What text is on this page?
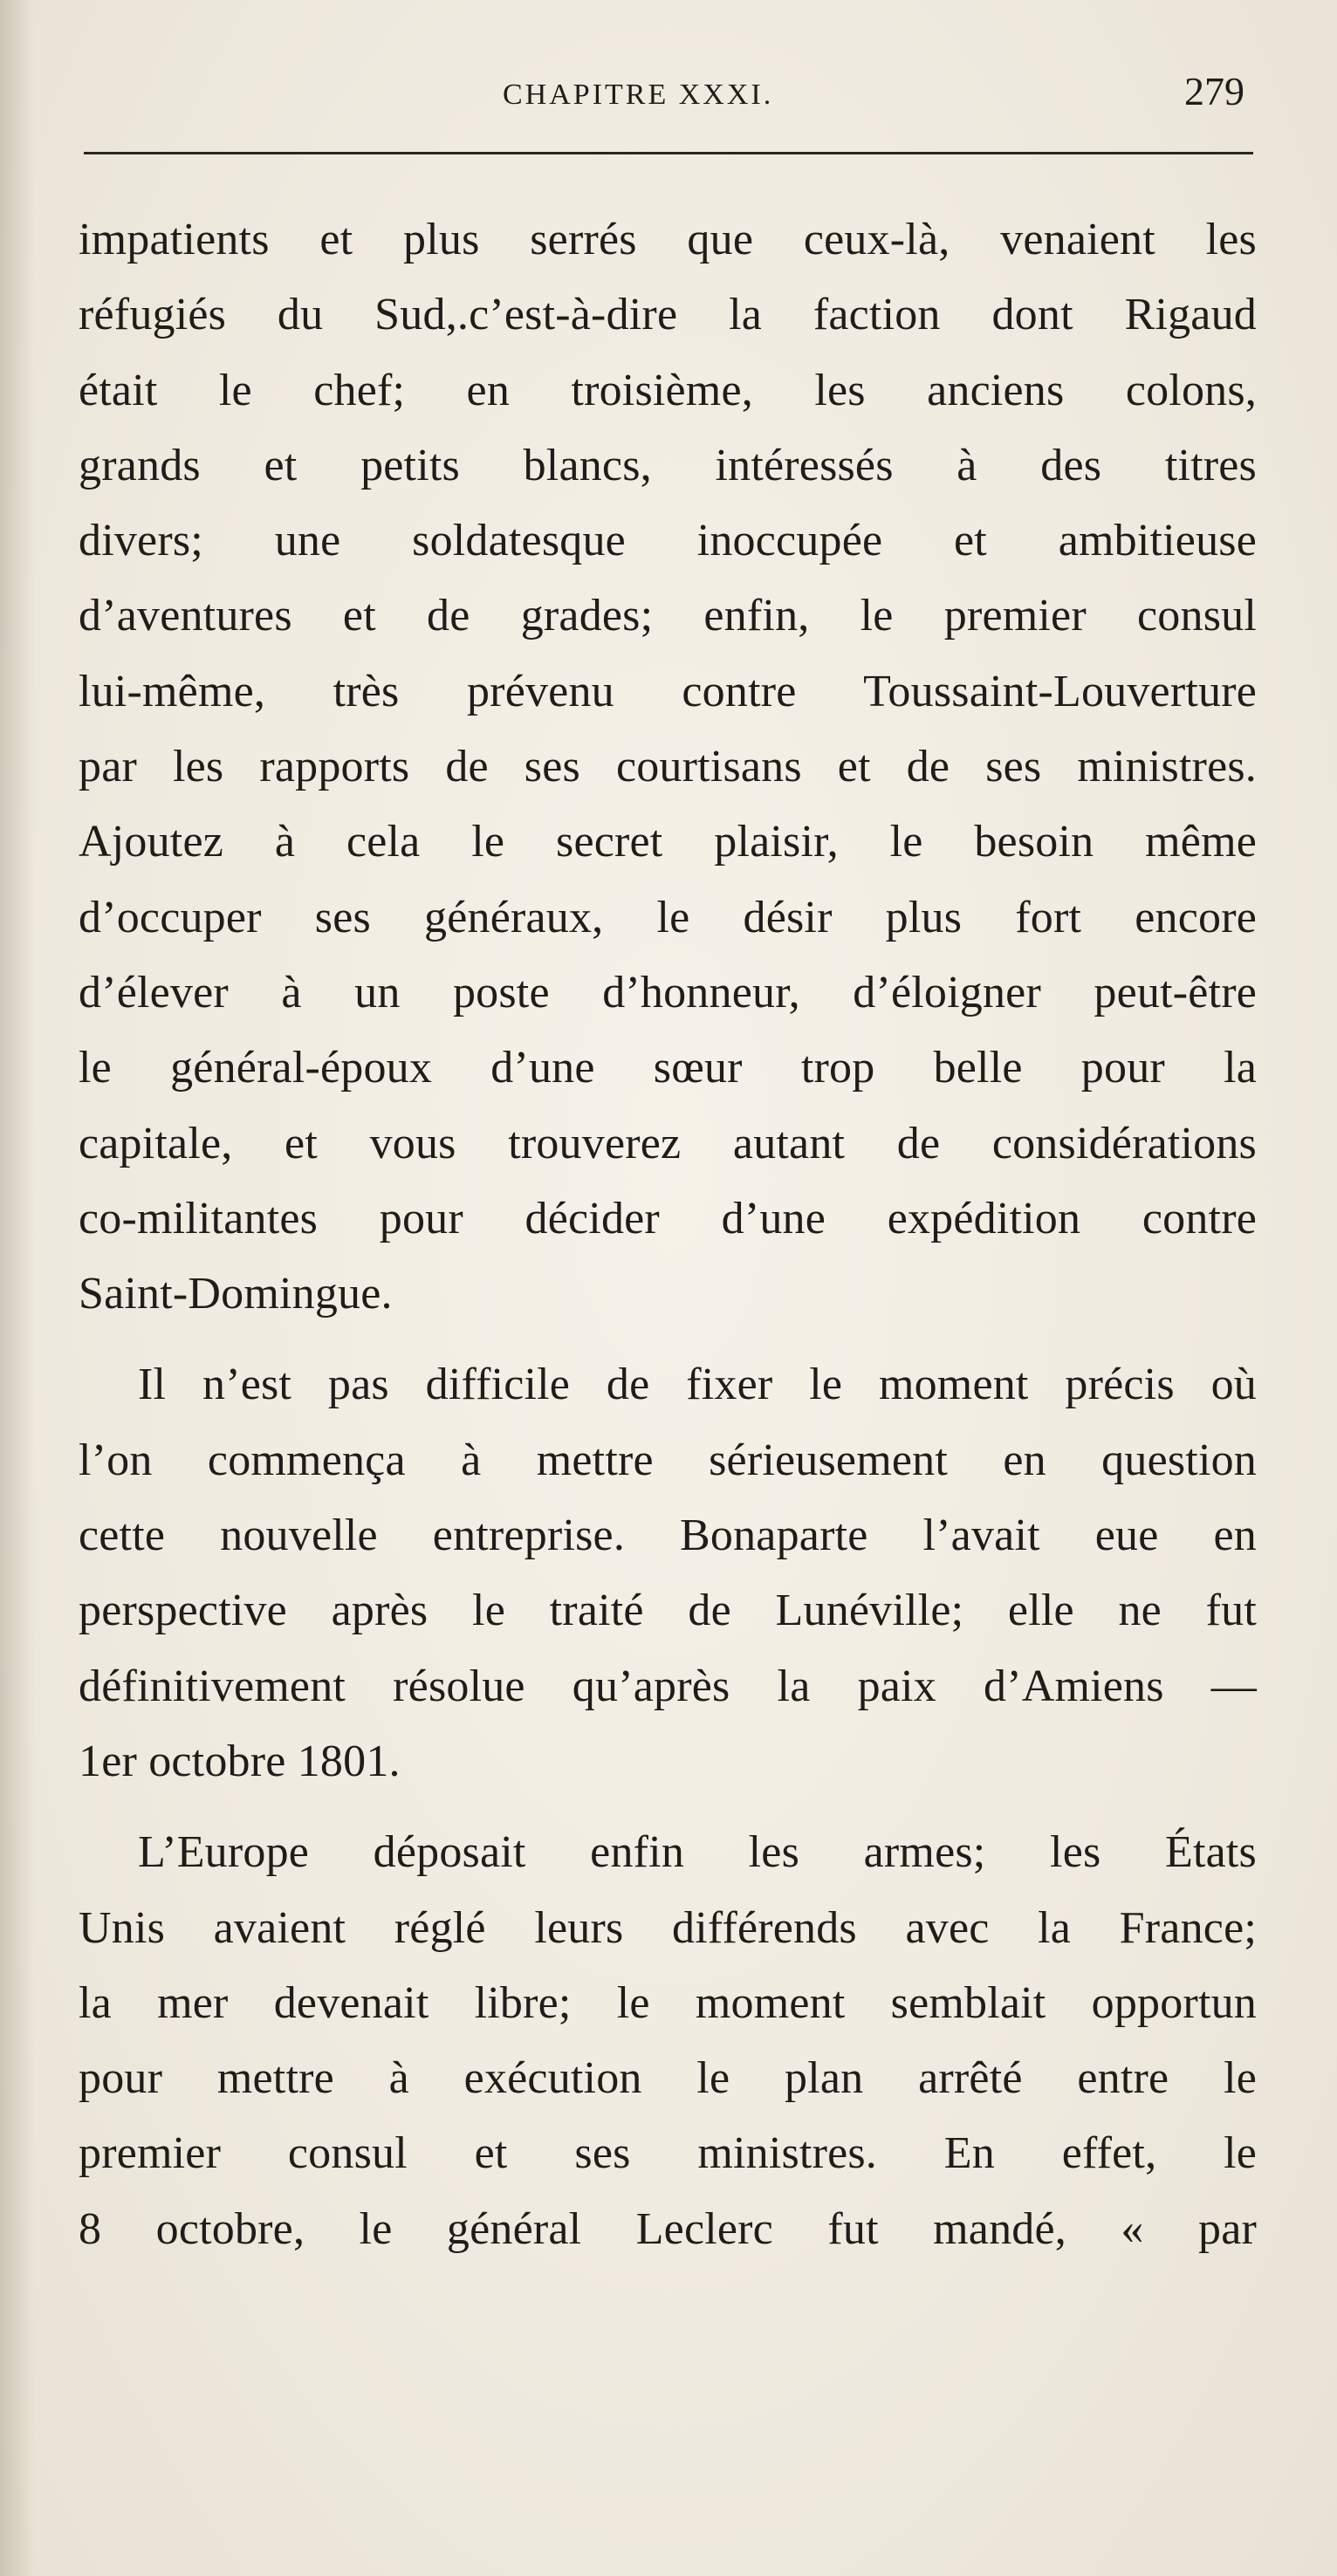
CHAPITRE XXXI.	279
impatients et plus serrés que ceux-là, venaient les
réfugiés du Sud,.c’est-à-dire la faction dont Rigaud
était le chef; en troisième, les anciens colons,
grands et petits blancs, intéressés à des titres
divers; une soldatesque inoccupée et ambitieuse
d’aventures et de grades; enfin, le premier consul
lui-même, très prévenu contre Toussaint-Louverture
par les rapports de ses courtisans et de ses ministres.
Ajoutez à cela le secret plaisir, le besoin même
d’occuper ses généraux, le désir plus fort encore
d’élever à un poste d’honneur, d’éloigner peut-être
le général-époux d’une sœur trop belle pour la
capitale, et vous trouverez autant de considérations
co-militantes pour décider d’une expédition contre
Saint-Domingue.
Il n’est pas difficile de fixer le moment précis où
l’on commença à mettre sérieusement en question
cette nouvelle entreprise. Bonaparte l’avait eue en
perspective après le traité de Lunéville; elle ne fut
définitivement résolue qu’après la paix d’Amiens —
1er octobre 1801.
L’Europe déposait enfin les armes; les États
Unis avaient réglé leurs différends avec la France;
la mer devenait libre; le moment semblait opportun
pour mettre à exécution le plan arrêté entre le
premier consul et ses ministres. En effet, le
8 octobre, le général Leclerc fut mandé, « par
